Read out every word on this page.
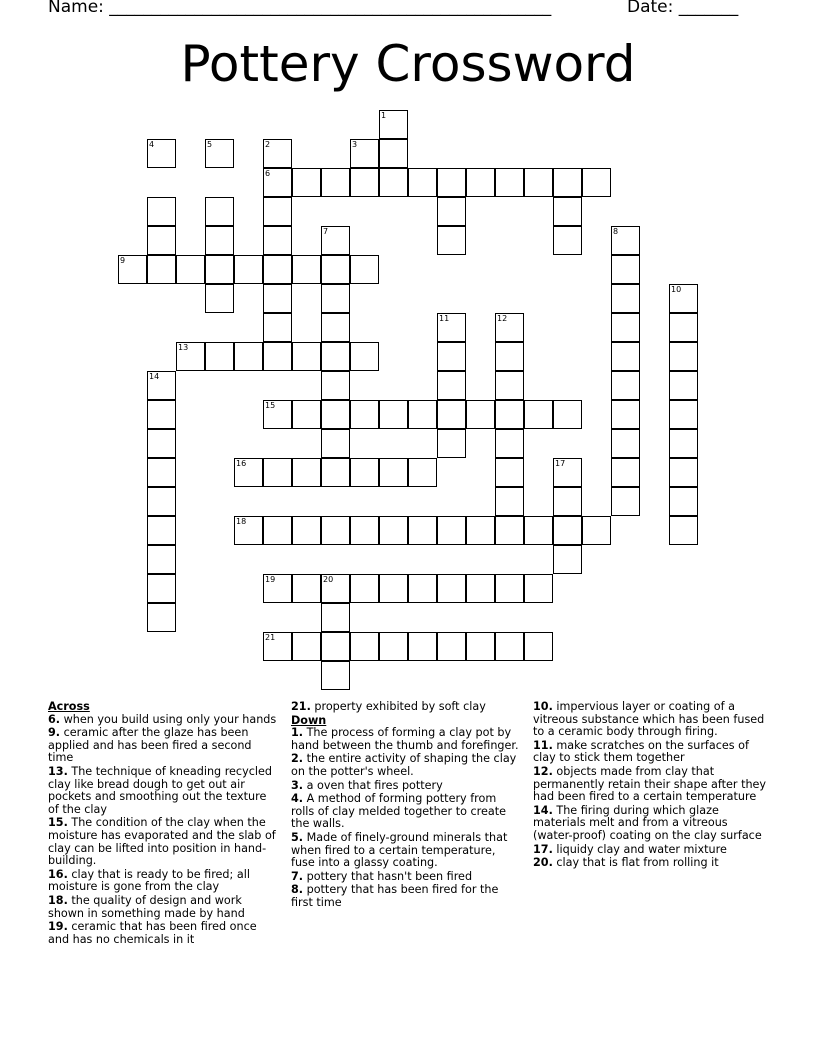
Name: ____________________________________________________	Date: _______
Pottery Crossword
1
3
4	5
6
2
7	8
9
10
11	12
13
14
15
16	17
18
19	20
21
Across
6. when you build using only your hands
9. ceramic after the glaze has been applied and has been fired a second time
13. The technique of kneading recycled clay like bread dough to get out air pockets and smoothing out the texture of the clay
15. The condition of the clay when the moisture has evaporated and the slab of clay can be lifted into position in hand-building.
16. clay that is ready to be fired; all moisture is gone from the clay
18. the quality of design and work shown in something made by hand
19. ceramic that has been fired once and has no chemicals in it
21. property exhibited by soft clay
Down
1. The process of forming a clay pot by hand between the thumb and forefinger.
2. the entire activity of shaping the clay on the potter's wheel.
3. a oven that fires pottery
4. A method of forming pottery from rolls of clay melded together to create the walls.
5. Made of finely-ground minerals that when fired to a certain temperature, fuse into a glassy coating.
7. pottery that hasn't been fired
8. pottery that has been fired for the first time
10. impervious layer or coating of a vitreous substance which has been fused to a ceramic body through firing.
11. make scratches on the surfaces of clay to stick them together
12. objects made from clay that permanently retain their shape after they had been fired to a certain temperature
14. The firing during which glaze materials melt and from a vitreous (water-proof) coating on the clay surface
17. liquidy clay and water mixture
20. clay that is flat from rolling it
